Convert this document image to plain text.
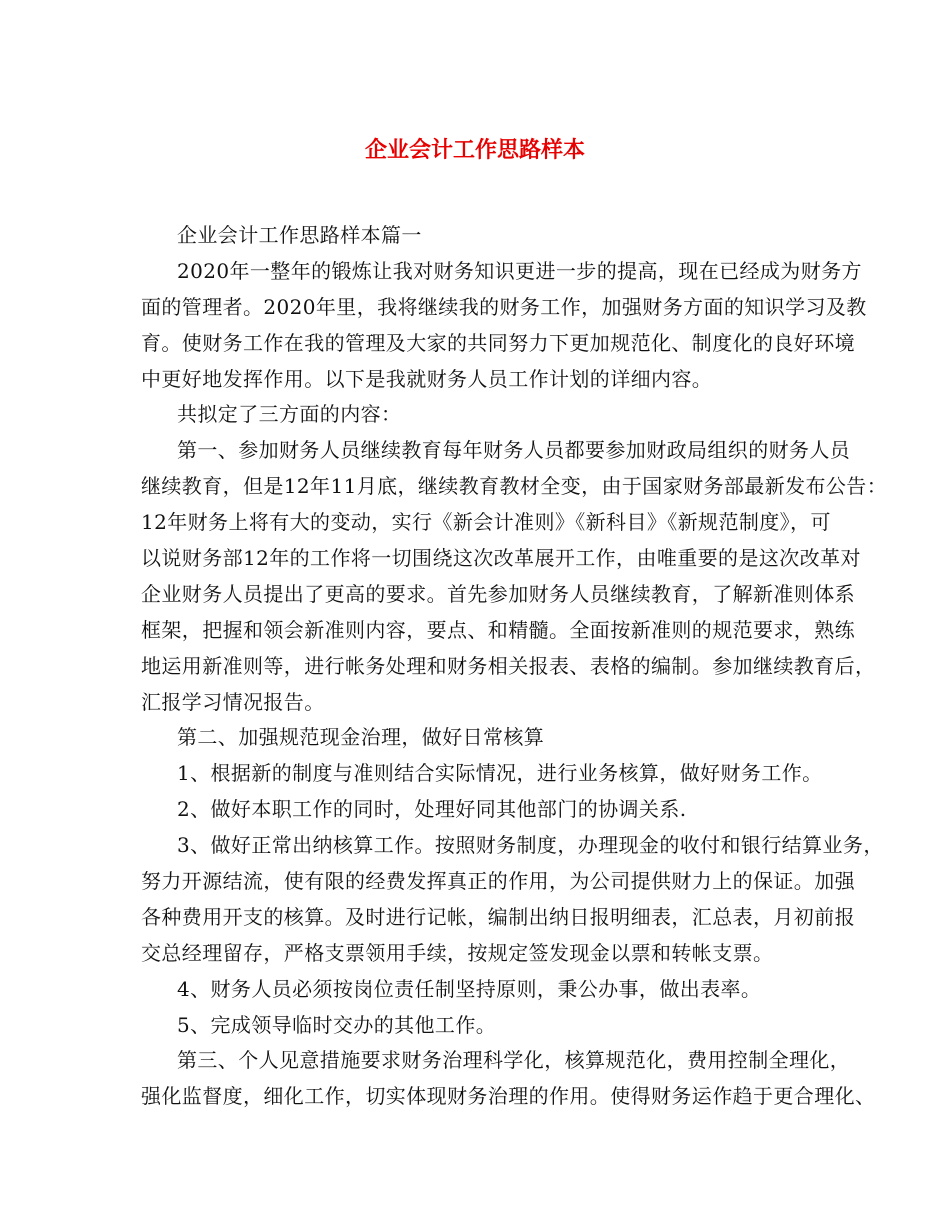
企业会计工作思路样本
企业会计工作思路样本篇一
2020年一整年的锻炼让我对财务知识更进一步的提高，现在已经成为财务方
面的管理者。2020年里，我将继续我的财务工作，加强财务方面的知识学习及教
育。使财务工作在我的管理及大家的共同努力下更加规范化、制度化的良好环境
中更好地发挥作用。以下是我就财务人员工作计划的详细内容。
共拟定了三方面的内容：
第一、参加财务人员继续教育每年财务人员都要参加财政局组织的财务人员
继续教育，但是12年11月底，继续教育教材全变，由于国家财务部最新发布公告：
12年财务上将有大的变动，实行《新会计准则》《新科目》《新规范制度》，可
以说财务部12年的工作将一切围绕这次改革展开工作，由唯重要的是这次改革对
企业财务人员提出了更高的要求。首先参加财务人员继续教育，了解新准则体系
框架，把握和领会新准则内容，要点、和精髓。全面按新准则的规范要求，熟练
地运用新准则等，进行帐务处理和财务相关报表、表格的编制。参加继续教育后，
汇报学习情况报告。
第二、加强规范现金治理，做好日常核算
1、根据新的制度与准则结合实际情况，进行业务核算，做好财务工作。
2、做好本职工作的同时，处理好同其他部门的协调关系.
3、做好正常出纳核算工作。按照财务制度，办理现金的收付和银行结算业务，
努力开源结流，使有限的经费发挥真正的作用，为公司提供财力上的保证。加强
各种费用开支的核算。及时进行记帐，编制出纳日报明细表，汇总表，月初前报
交总经理留存，严格支票领用手续，按规定签发现金以票和转帐支票。
4、财务人员必须按岗位责任制坚持原则，秉公办事，做出表率。
5、完成领导临时交办的其他工作。
第三、个人见意措施要求财务治理科学化，核算规范化，费用控制全理化，
强化监督度，细化工作，切实体现财务治理的作用。使得财务运作趋于更合理化、
